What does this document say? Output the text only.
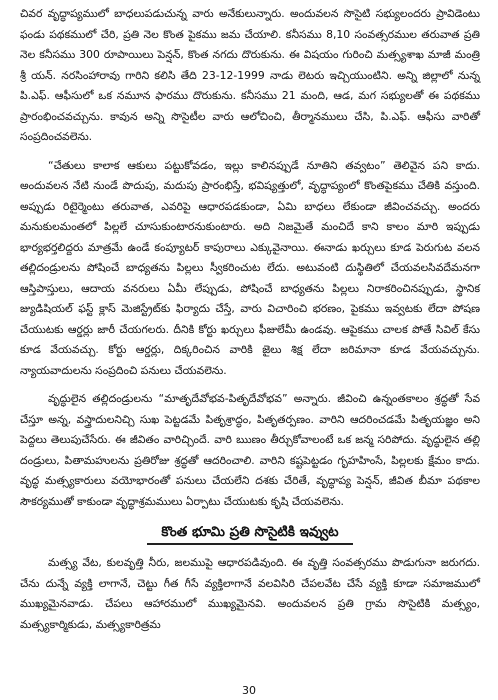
చివర వృద్ధాప్యములో బాధలుపడుచున్న వారు అనేకులున్నారు. అందువలన సొసైటి సభ్యులందరు ప్రావిడెంటు ఫండు పథకములో చేరి, ప్రతి నెల కొంత పైకము జమ చేయాలి. కనీసము 8,10 సంవత్సరముల తరువాత ప్రతి నెల కనీసము 300 రూపాయిలు పెన్షన్, కొంత నగదు దొరుకును. ఈ విషయం గురించి మత్స్యశాఖ మాజీ మంత్రి శ్రీ యన్. నరసింహారావు గారిని కలిసి తేది 23-12-1999 నాడు లెటరు ఇచ్చియుంటిని. అన్ని జిల్లాలో నున్న పి.ఎఫ్. ఆఫీసులో ఒక నమూన ఫారము దొరుకును. కనీసము 21 మంది, ఆడ, మగ సభ్యులతో ఈ పథకము ప్రారంభించవచ్చును. కావున అన్ని సొసైటీల వారు ఆలోచించి, తీర్మానములు చేసి, పి.ఎఫ్. ఆఫీసు వారితో సంప్రదించవలెను.

“చేతులు కాలాక ఆకులు పట్టుకోవడం, ఇల్లు కాలినప్పుడే నూతిని తవ్వటం” తెలివైన పని కాదు. అందువలన నేటి నుండే పొదుపు, మదుపు ప్రారంభిస్తే, భవిష్యత్తులో, వృద్ధాప్యంలో కొంతపైకము చేతికి వస్తుంది. అప్పుడు రిటైర్మెంటు తరువాత, ఎవరిపై ఆధారపడకుండా, ఏమి బాధలు లేకుండా జీవించవచ్చు. అందరు మనుకులమంతలో పిల్లలే చూసుకుంటారనుకుంటారు. అది నిజమైతే మంచిదే కాని కాలం మారి ఇప్పుడు భార్యభర్తలిద్దరు మాత్రమే ఉండే కంప్యూటర్ కాపురాలు ఎక్కువైనాయి. ఈనాడు ఖర్చులు కూడ పెరుగుట వలన తల్లిదండ్రులను పోషించే బాధ్యతను పిల్లలు స్వీకరించుట లేదు. అటువంటి దుస్థితిలో చేయవలసివదేమనగా ఆస్తిపాస్తులు, ఆదాయ వనరులు ఏమీ లేప్పుడు, పోషించే బాధ్యతను పిల్లలు నిరాకరించినప్పుడు, స్థానిక జ్యుడిషియల్ ఫస్ట్ క్లాస్ మెజిస్ట్రేట్‌కు ఫిర్యాదు చేస్తే, వారు విచారించి భరణం, పైకము ఇవ్వటకు లేదా పోషణ చేయుటకు ఆర్డర్లు జారీ చేయగలరు. దీనికి కోర్టు ఖర్చులు ఫీజులేమీ ఉండవు. ఆపైకము చాలక పోతే సివిల్ కేసు కూడ వేయవచ్చు. కోర్టు ఆర్డర్లు, దిక్కరించిన వారికి జైలు శిక్ష లేదా జరిమానా కూడ వేయవచ్చును. న్యాయవాదులను సంప్రదించి పనులు చేయవలెను.

వృద్ధులైన తల్లిదండ్రులను “మాతృదేవోభవ-పితృదేవోభవ” అన్నారు. జీవించి ఉన్నంతకాలం శ్రద్ధతో సేవ చేస్తూ అన్న, వస్త్రాదులనిచ్చి సుఖ పెట్టడమే పితృశ్రాద్ధం, పితృతర్పణం. వారిని ఆదరించడమే పితృయజ్ఞం అని పెద్దలు తెలుపుచేసేరు. ఈ జీవితం వారిచ్చిందే. వారి ఋణం తీర్చుకోవాలంటే ఒక జన్మ సరిపోదు. వృద్ధులైన తల్లి దండ్రులు, పితామహులను ప్రతిరోజు శ్రద్ధతో ఆదరించాలి. వారిని కష్టపెట్టడం గృహహింసే, పిల్లలకు క్షేమం కాదు. వృద్ధ మత్స్యకారులు వయోభారంతో పనులు చేయలేని దశకు చేరితే, వృద్ధాప్య పెన్షన్, జీవిత బీమా పథకాల సౌకర్యముతో కాకుండా వృద్ధాశ్రమములు ఏర్పాటు చేయుటకు కృషి చేయవలెను.

కొంత భూమి ప్రతి సొసైటికి ఇవ్వుట

మత్స్య వేట, కులవృత్తి నీరు, జలముపై ఆధారపడివుంది. ఈ వృత్తి సంవత్సరము పొడుగునా జరుగదు. చేను దున్నే వ్యక్తి లాగానే, చెట్టు గీత గీసే వ్యక్తిలాగానే వలవిసిరి చేపలవేట చేసే వ్యక్తి కూడా సమాజములో ముఖ్యమైనవాడు. చేపలు ఆహారములో ముఖ్యమైనవి. అందువలన ప్రతి గ్రామ సొసైటికి మత్స్యం, మత్స్యకార్మికుడు, మత్స్యకారిత్రమ

30
